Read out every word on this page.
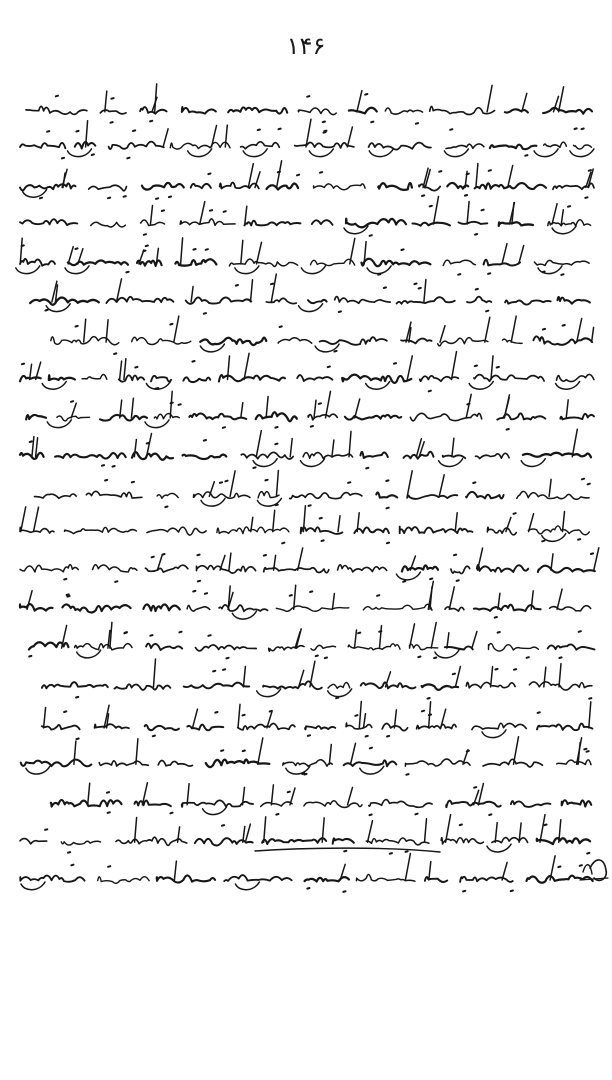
۱۴۶
